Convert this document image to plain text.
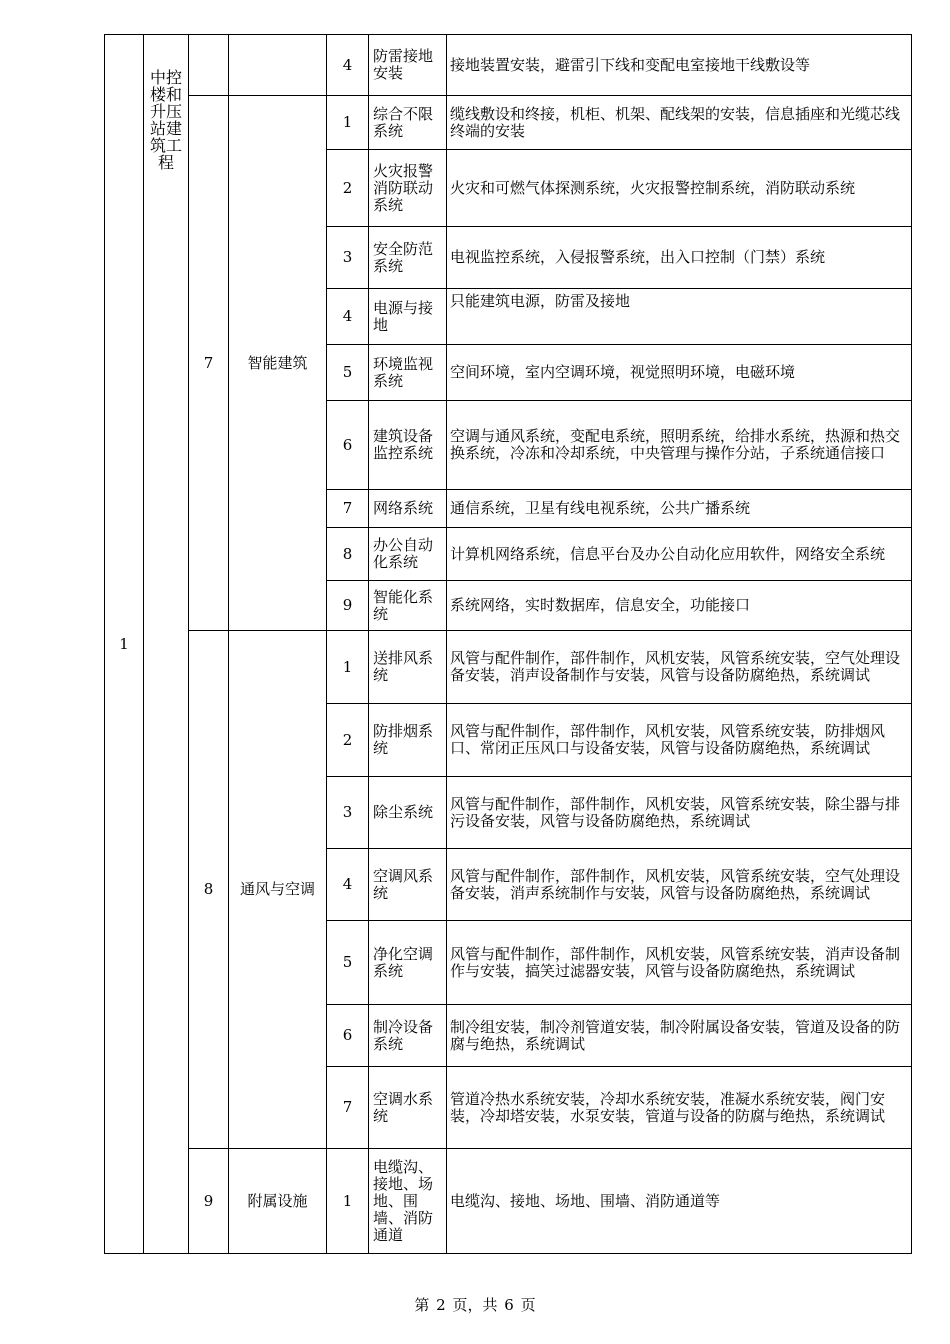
1	中控楼和升压站建筑工程			4	防雷接地安装	接地装置安装，避雷引下线和变配电室接地干线敷设等
		7	智能建筑	1	综合不限系统	缆线敷设和终接，机柜、机架、配线架的安装，信息插座和光缆芯线终端的安装
				2	火灾报警消防联动系统	火灾和可燃气体探测系统，火灾报警控制系统，消防联动系统
				3	安全防范系统	电视监控系统，入侵报警系统，出入口控制（门禁）系统
				4	电源与接地	只能建筑电源，防雷及接地
				5	环境监视系统	空间环境，室内空调环境，视觉照明环境，电磁环境
				6	建筑设备监控系统	空调与通风系统，变配电系统，照明系统，给排水系统，热源和热交换系统，冷冻和冷却系统，中央管理与操作分站，子系统通信接口
				7	网络系统	通信系统，卫星有线电视系统，公共广播系统
				8	办公自动化系统	计算机网络系统，信息平台及办公自动化应用软件，网络安全系统
				9	智能化系统	系统网络，实时数据库，信息安全，功能接口
		8	通风与空调	1	送排风系统	风管与配件制作，部件制作，风机安装，风管系统安装，空气处理设备安装，消声设备制作与安装，风管与设备防腐绝热，系统调试
				2	防排烟系统	风管与配件制作，部件制作，风机安装，风管系统安装，防排烟风口、常闭正压风口与设备安装，风管与设备防腐绝热，系统调试
				3	除尘系统	风管与配件制作，部件制作，风机安装，风管系统安装，除尘器与排污设备安装，风管与设备防腐绝热，系统调试
				4	空调风系统	风管与配件制作，部件制作，风机安装，风管系统安装，空气处理设备安装，消声系统制作与安装，风管与设备防腐绝热，系统调试
				5	净化空调系统	风管与配件制作，部件制作，风机安装，风管系统安装，消声设备制作与安装，搞笑过滤器安装，风管与设备防腐绝热，系统调试
				6	制冷设备系统	制冷组安装，制冷剂管道安装，制冷附属设备安装，管道及设备的防腐与绝热，系统调试
				7	空调水系统	管道冷热水系统安装，冷却水系统安装，准凝水系统安装，阀门安装，冷却塔安装，水泵安装，管道与设备的防腐与绝热，系统调试
		9	附属设施	1	电缆沟、接地、场地、围墙、消防通道	电缆沟、接地、场地、围墙、消防通道等
第 2 页，共 6 页
